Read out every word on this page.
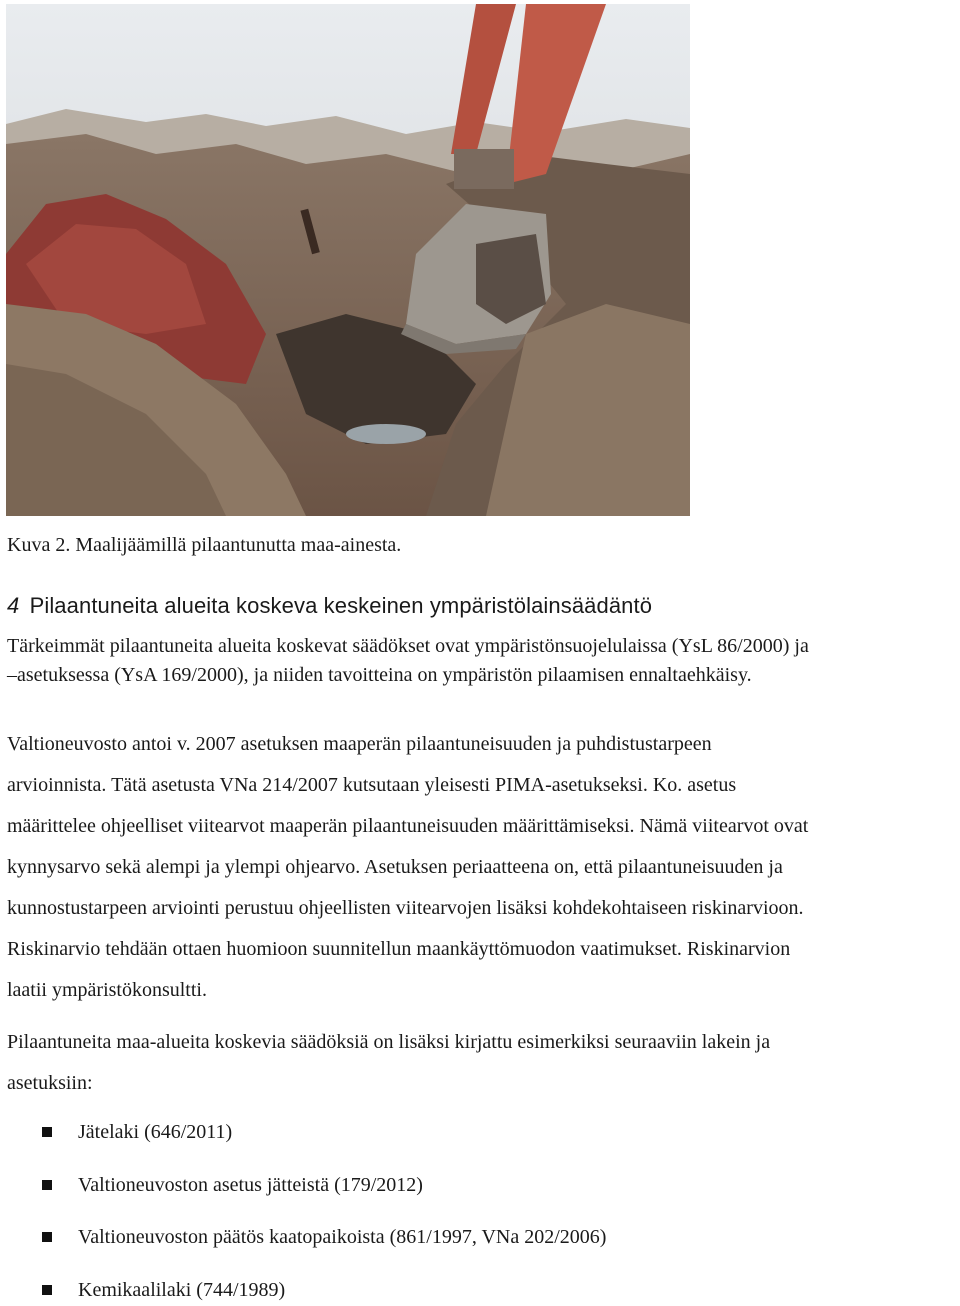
Kuva 2. Maalijäämillä pilaantunutta maa-ainesta.
4 Pilaantuneita alueita koskeva keskeinen ympäristölainsäädäntö
Tärkeimmät pilaantuneita alueita koskevat säädökset ovat ympäristönsuojelulaissa (YsL 86/2000) ja
–asetuksessa (YsA 169/2000), ja niiden tavoitteina on ympäristön pilaamisen ennaltaehkäisy.
Valtioneuvosto antoi v. 2007 asetuksen maaperän pilaantuneisuuden ja puhdistustarpeen
arvioinnista. Tätä asetusta VNa 214/2007 kutsutaan yleisesti PIMA-asetukseksi. Ko. asetus
määrittelee ohjeelliset viitearvot maaperän pilaantuneisuuden määrittämiseksi. Nämä viitearvot ovat
kynnysarvo sekä alempi ja ylempi ohjearvo. Asetuksen periaatteena on, että pilaantuneisuuden ja
kunnostustarpeen arviointi perustuu ohjeellisten viitearvojen lisäksi kohdekohtaiseen riskinarvioon.
Riskinarvio tehdään ottaen huomioon suunnitellun maankäyttömuodon vaatimukset. Riskinarvion
laatii ympäristökonsultti.
Pilaantuneita maa-alueita koskevia säädöksiä on lisäksi kirjattu esimerkiksi seuraaviin lakein ja
asetuksiin:
Jätelaki (646/2011)
Valtioneuvoston asetus jätteistä (179/2012)
Valtioneuvoston päätös kaatopaikoista (861/1997, VNa 202/2006)
Kemikaalilaki (744/1989)
